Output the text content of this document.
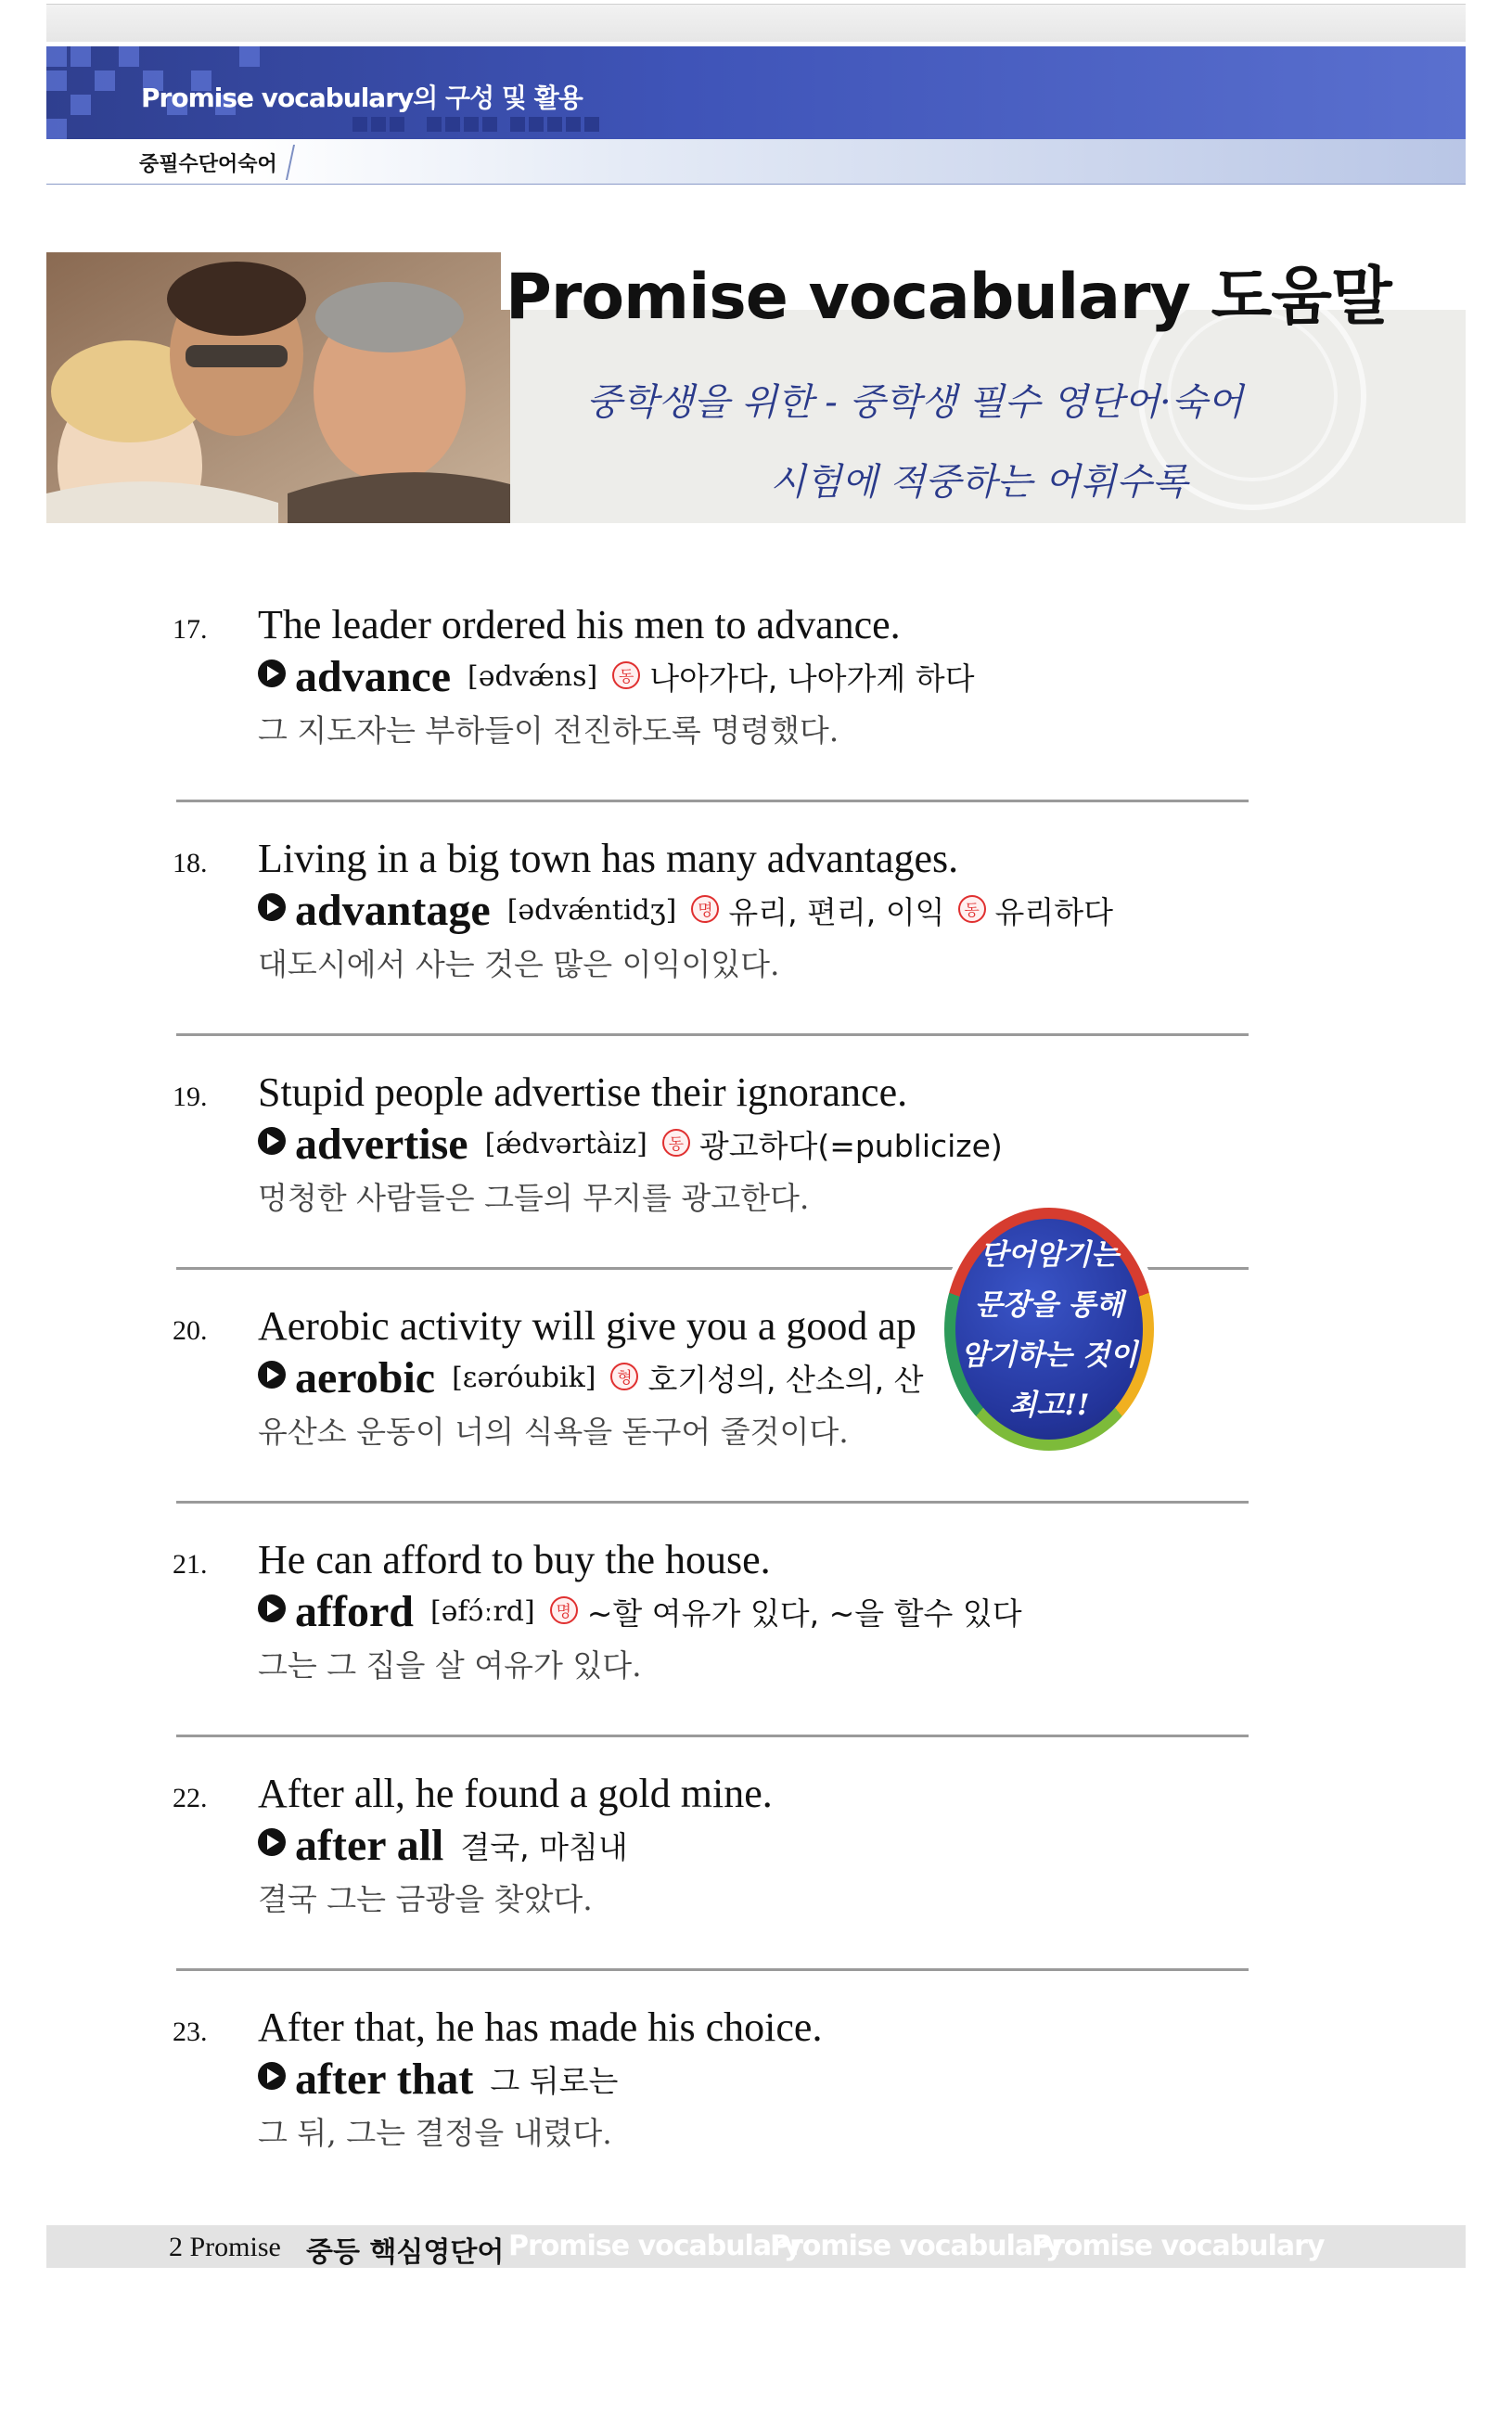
Promise vocabulary의 구성 및 활용
중필수단어숙어
Promise vocabulary 도움말
중학생을 위한 - 중학생 필수 영단어·숙어
시험에 적중하는 어휘수록
17. The leader ordered his men to advance.
advance [ədvǽns] 동 나아가다, 나아가게 하다
그 지도자는 부하들이 전진하도록 명령했다.
18. Living in a big town has many advantages.
advantage [ədvǽntidʒ] 명 유리, 편리, 이익 동 유리하다
대도시에서 사는 것은 많은 이익이있다.
19. Stupid people advertise their ignorance.
advertise [ǽdvərtàiz] 동 광고하다(=publicize)
멍청한 사람들은 그들의 무지를 광고한다.
20. Aerobic activity will give you a good ap
aerobic [ɛəróubik] 형 호기성의, 산소의, 산
유산소 운동이 너의 식욕을 돋구어 줄것이다.
21. He can afford to buy the house.
afford [əfɔ́ːrd] 명 ~할 여유가 있다, ~을 할수 있다
그는 그 집을 살 여유가 있다.
22. After all, he found a gold mine.
after all 결국, 마침내
결국 그는 금광을 찾았다.
23. After that, he has made his choice.
after that 그 뒤로는
그 뒤, 그는 결정을 내렸다.
단어암기는
문장을 통해
암기하는 것이
최고!!
2 Promise 중등 핵심영단어 Promise vocabulary
Promise vocabulary
Promise vocabulary
